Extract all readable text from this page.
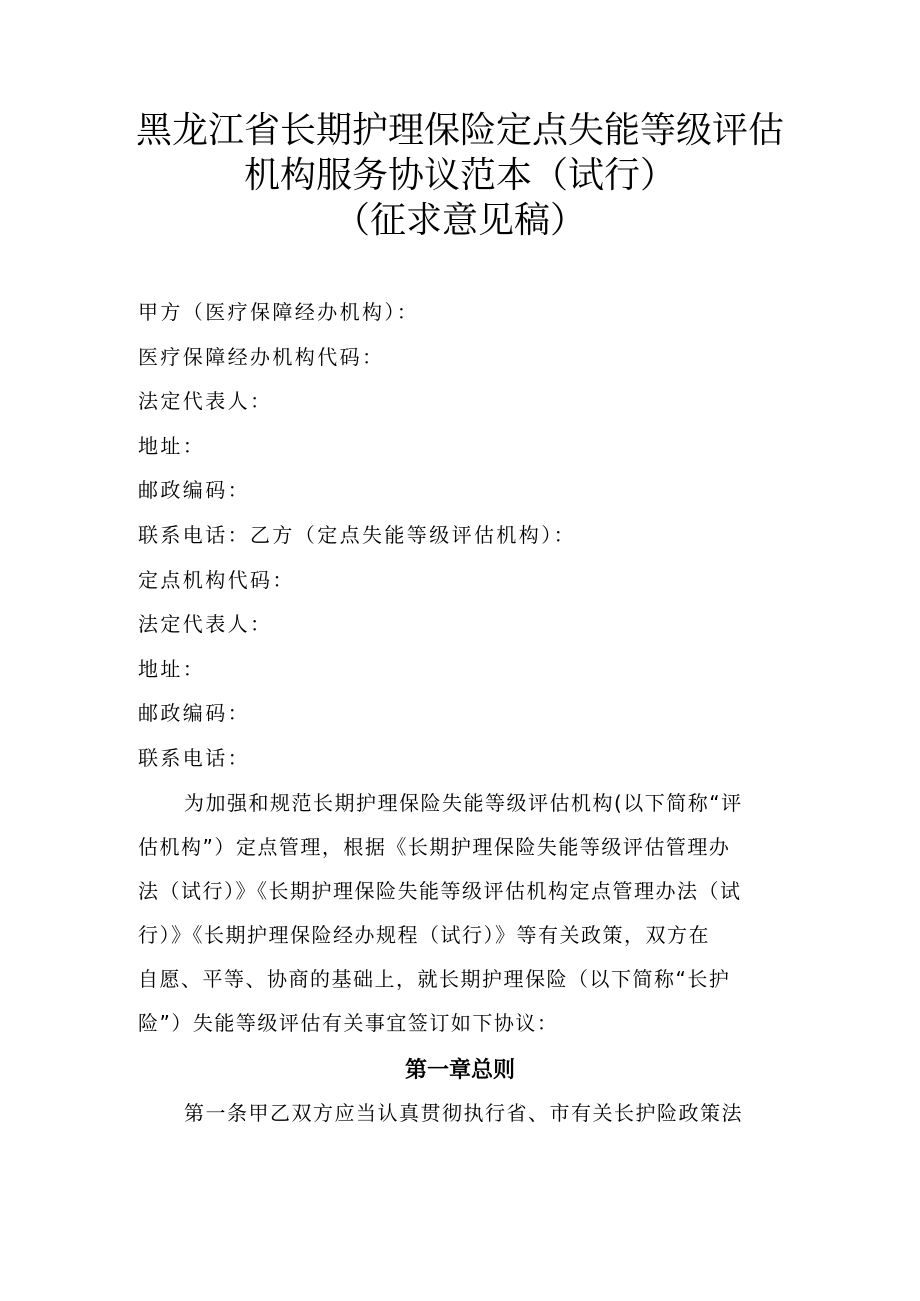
黑龙江省长期护理保险定点失能等级评估
机构服务协议范本（试行）
（征求意见稿）
甲方（医疗保障经办机构）：
医疗保障经办机构代码：
法定代表人：
地址：
邮政编码：
联系电话：乙方（定点失能等级评估机构）：
定点机构代码：
法定代表人：
地址：
邮政编码：
联系电话：
为加强和规范长期护理保险失能等级评估机构(以下简称“评
估机构”）定点管理，根据《长期护理保险失能等级评估管理办
法（试行）》《长期护理保险失能等级评估机构定点管理办法（试
行）》《长期护理保险经办规程（试行）》等有关政策，双方在
自愿、平等、协商的基础上，就长期护理保险（以下简称“长护
险”）失能等级评估有关事宜签订如下协议：
第一章总则
第一条甲乙双方应当认真贯彻执行省、市有关长护险政策法
